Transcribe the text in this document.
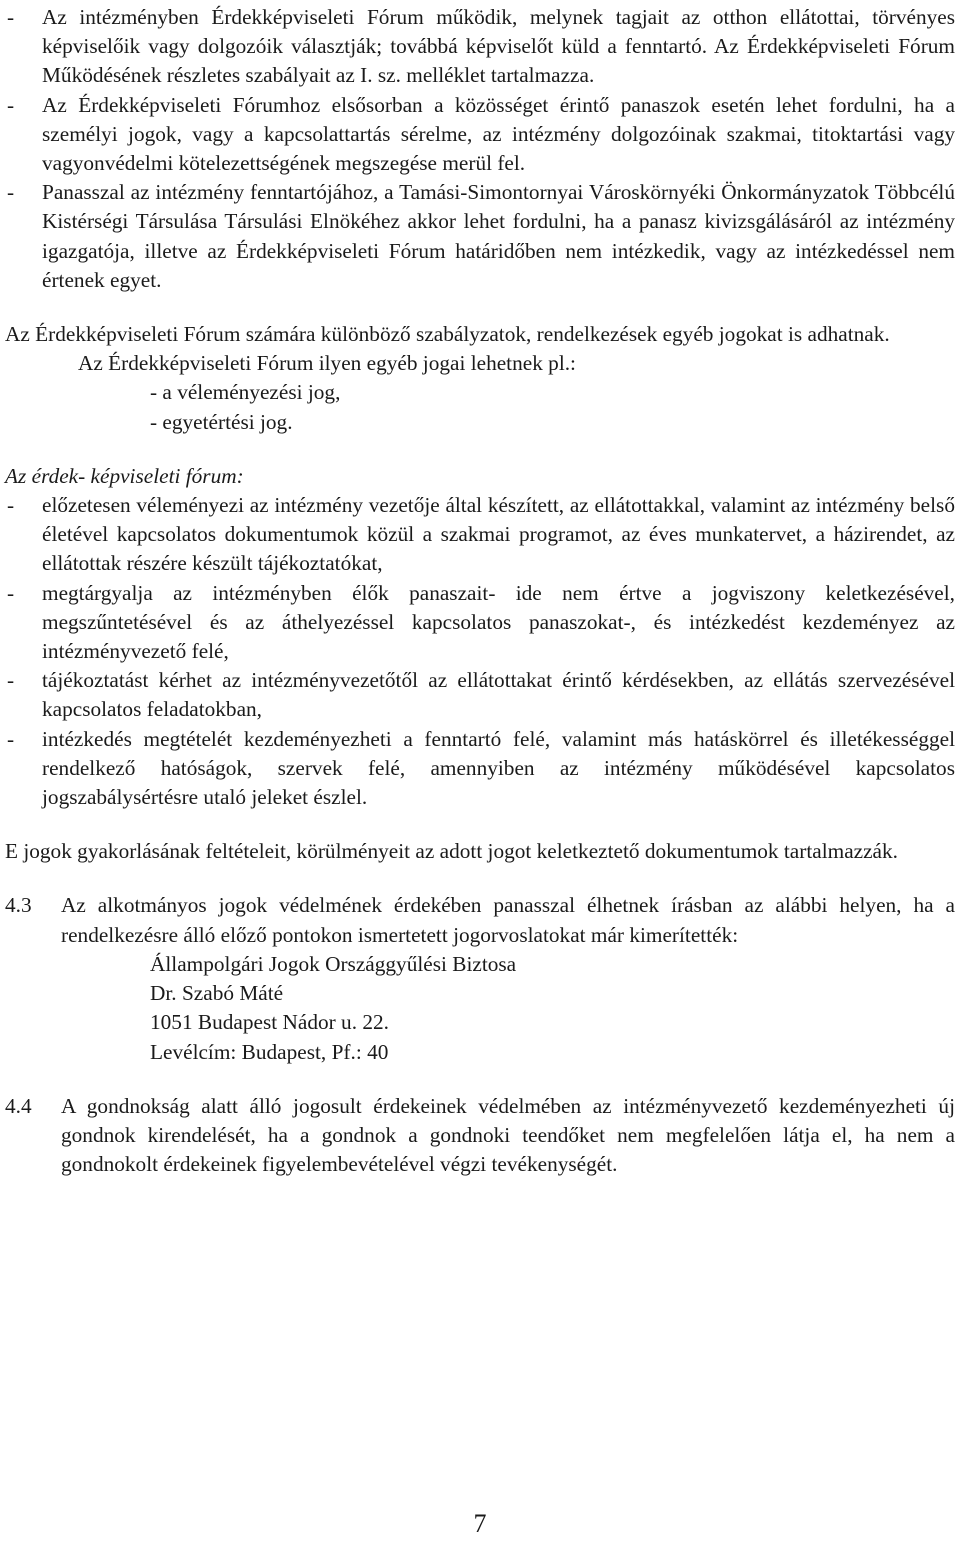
-	Az intézményben Érdekképviseleti Fórum működik, melynek tagjait az otthon ellátottai, törvényes képviselőik vagy dolgozóik választják; továbbá képviselőt küld a fenntartó. Az Érdekképviseleti Fórum Működésének részletes szabályait az I. sz. melléklet tartalmazza.
-	Az Érdekképviseleti Fórumhoz elsősorban a közösséget érintő panaszok esetén lehet fordulni, ha a személyi jogok, vagy a kapcsolattartás sérelme, az intézmény dolgozóinak szakmai, titoktartási vagy vagyonvédelmi kötelezettségének megszegése merül fel.
-	Panasszal az intézmény fenntartójához, a Tamási-Simontornyai Városkörnyéki Önkormányzatok Többcélú Kistérségi Társulása Társulási Elnökéhez akkor lehet fordulni, ha a panasz kivizsgálásáról az intézmény igazgatója, illetve az Érdekképviseleti Fórum határidőben nem intézkedik, vagy az intézkedéssel nem értenek egyet.
Az Érdekképviseleti Fórum számára különböző szabályzatok, rendelkezések egyéb jogokat is adhatnak.
Az Érdekképviseleti Fórum ilyen egyéb jogai lehetnek pl.:
- a véleményezési jog,
- egyetértési jog.
Az érdek- képviseleti fórum:
-	előzetesen véleményezi az intézmény vezetője által készített, az ellátottakkal, valamint az intézmény belső életével kapcsolatos dokumentumok közül a szakmai programot, az éves munkatervet, a házirendet, az ellátottak részére készült tájékoztatókat,
-	megtárgyalja az intézményben élők panaszait- ide nem értve a jogviszony keletkezésével, megszűntetésével és az áthelyezéssel kapcsolatos panaszokat-, és intézkedést kezdeményez az intézményvezető felé,
-	tájékoztatást kérhet az intézményvezetőtől az ellátottakat érintő kérdésekben, az ellátás szervezésével kapcsolatos feladatokban,
-	intézkedés megtételét kezdeményezheti a fenntartó felé, valamint más hatáskörrel és illetékességgel rendelkező hatóságok, szervek felé, amennyiben az intézmény működésével kapcsolatos jogszabálysértésre utaló jeleket észlel.
E jogok gyakorlásának feltételeit, körülményeit az adott jogot keletkeztető dokumentumok tartalmazzák.
4.3	Az alkotmányos jogok védelmének érdekében panasszal élhetnek írásban az alábbi helyen, ha a rendelkezésre álló előző pontokon ismertetett jogorvoslatokat már kimerítették:
Állampolgári Jogok Országgyűlési Biztosa
Dr. Szabó Máté
1051 Budapest Nádor u. 22.
Levélcím: Budapest, Pf.: 40
4.4	A gondnokság alatt álló jogosult érdekeinek védelmében az intézményvezető kezdeményezheti új gondnok kirendelését, ha a gondnok a gondnoki teendőket nem megfelelően látja el, ha nem a gondnokolt érdekeinek figyelembevételével végzi tevékenységét.
7
